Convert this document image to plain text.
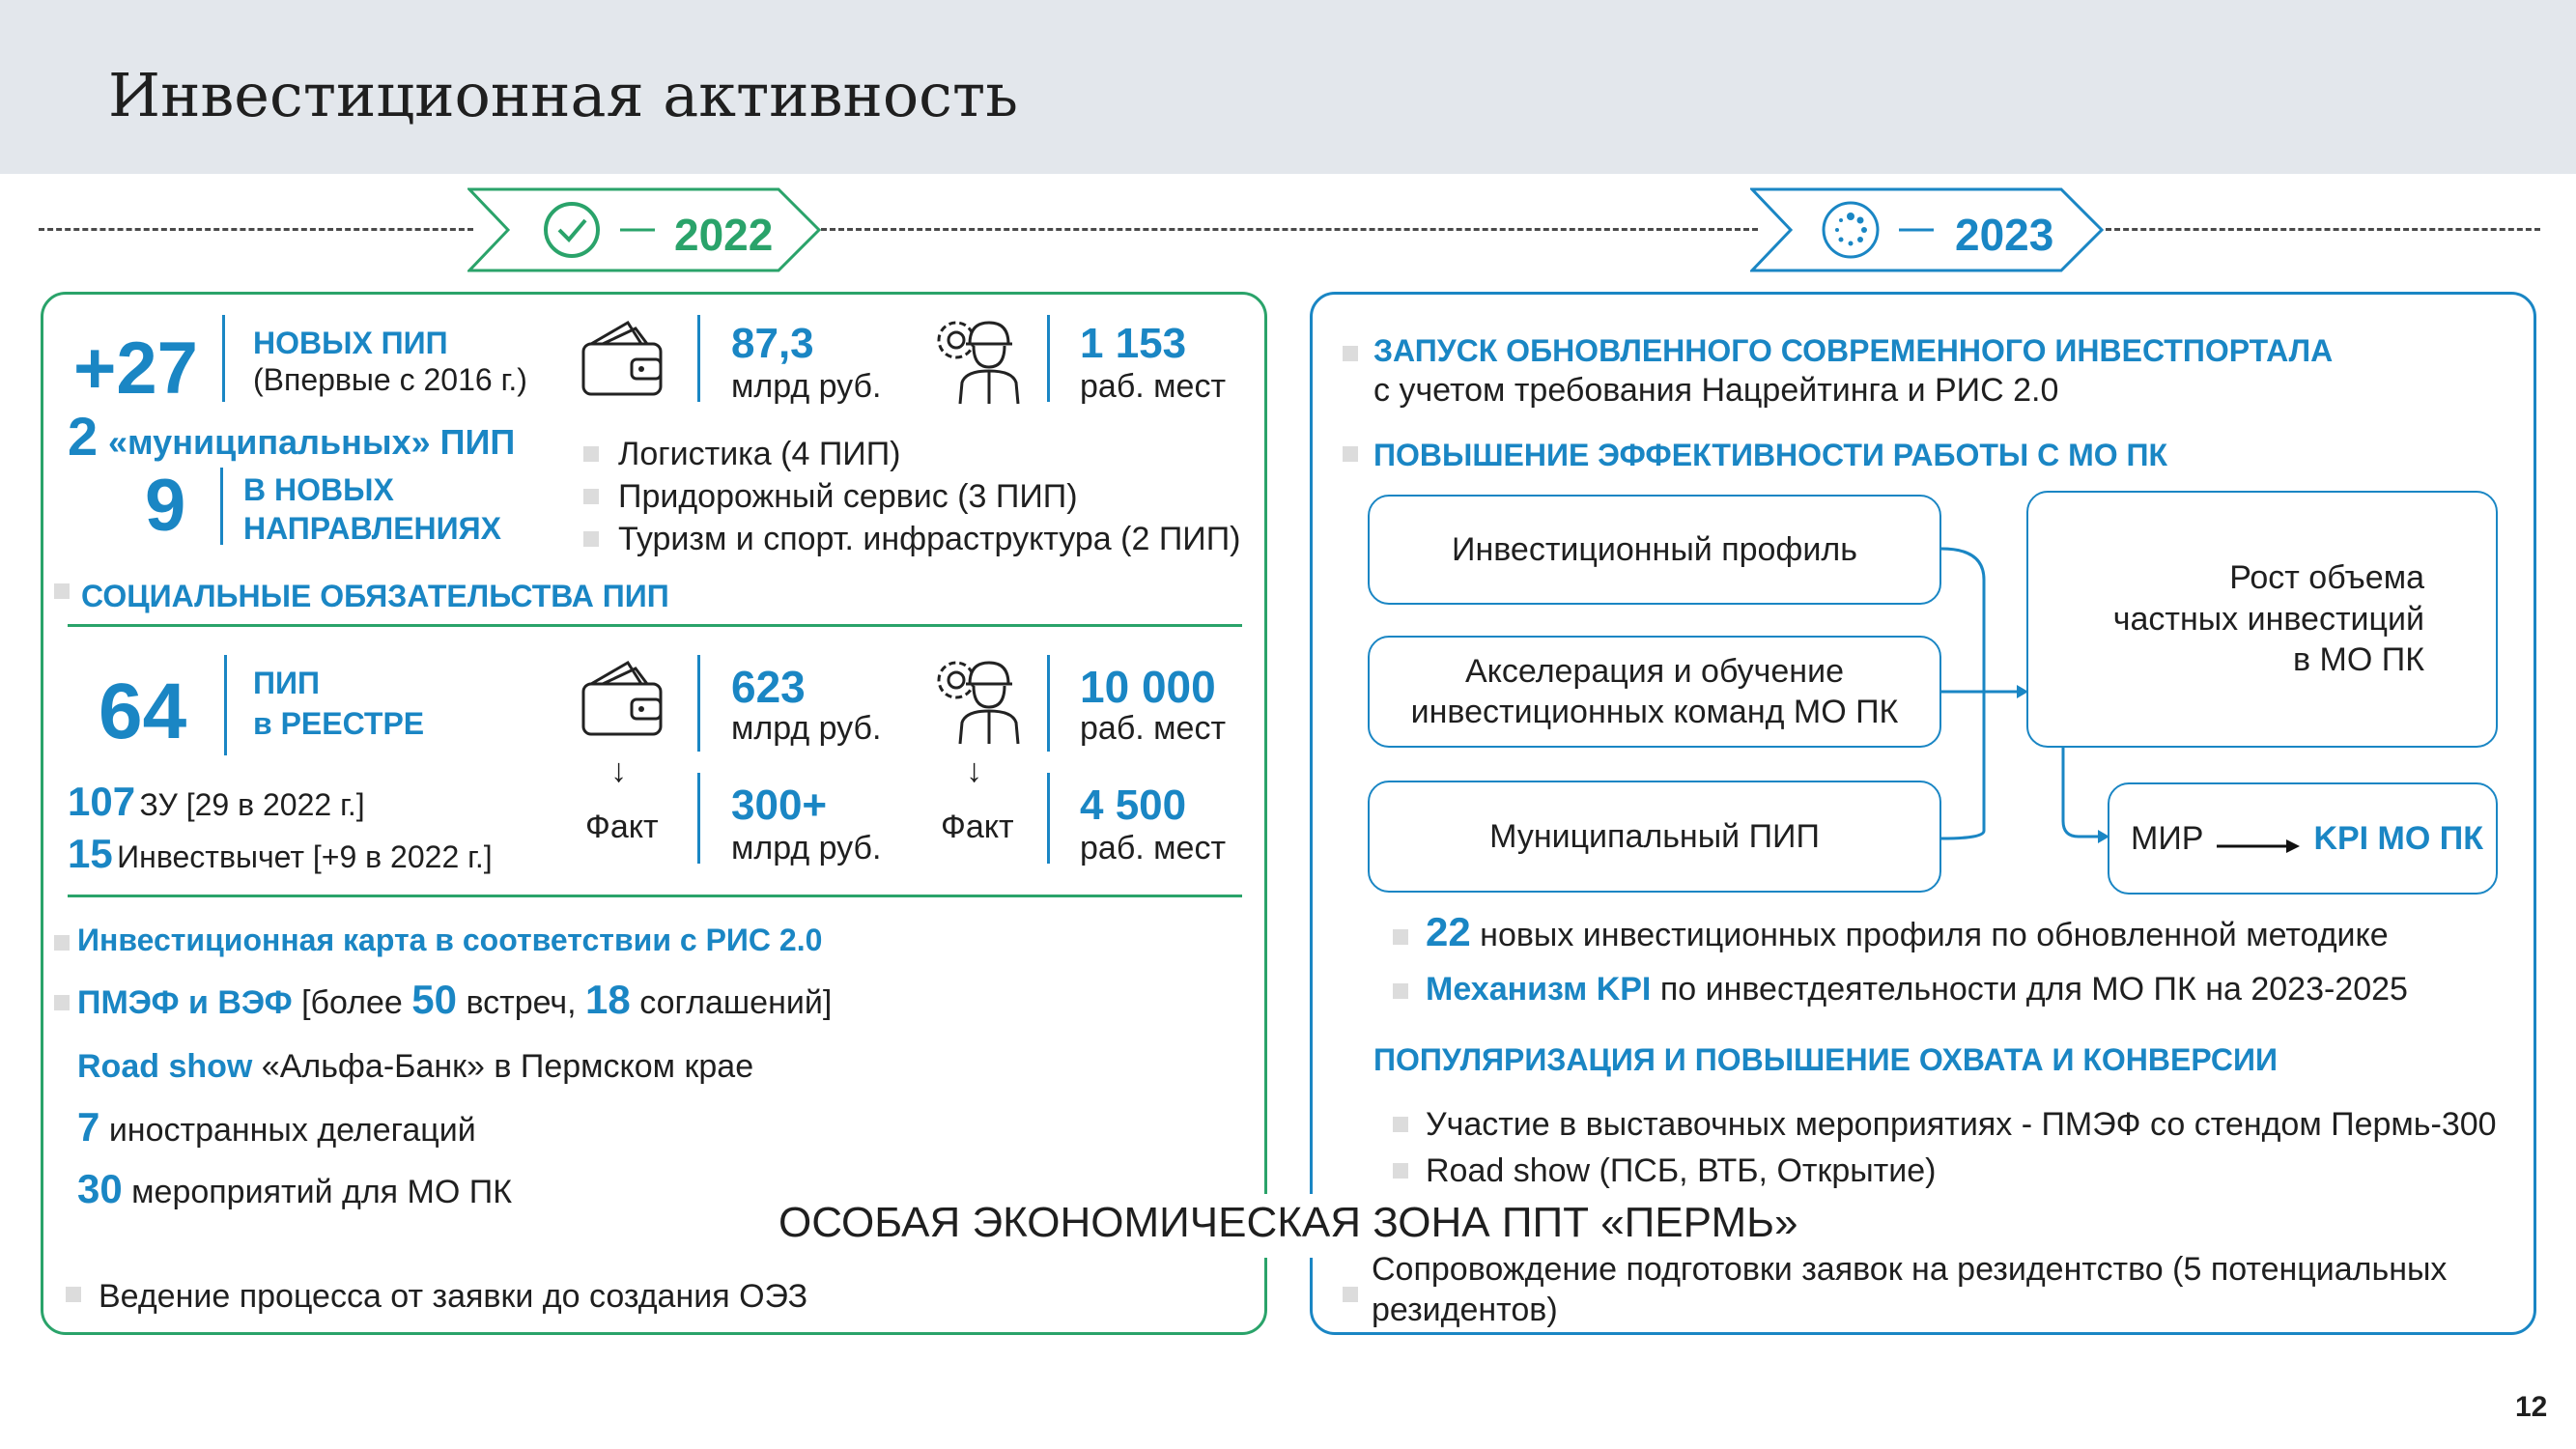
Инвестиционная активность
2022	2023
+27 НОВЫХ ПИП
(Впервые с 2016 г.)
87,3
млрд руб.
1 153
раб. мест
2 «муниципальных» ПИП
9 В НОВЫХ
НАПРАВЛЕНИЯХ
Логистика (4 ПИП)
Придорожный сервис (3 ПИП)
Туризм и спорт. инфраструктура (2 ПИП)
СОЦИАЛЬНЫЕ ОБЯЗАТЕЛЬСТВА ПИП
64 ПИП
в РЕЕСТРЕ
623
млрд руб.
10 000
раб. мест
↓
Факт
↓
Факт
300+
млрд руб.
4 500
раб. мест
107 ЗУ [29 в 2022 г.]
15 Инвествычет [+9 в 2022 г.]
Инвестиционная карта в соответствии с РИС 2.0
ПМЭФ и ВЭФ [более 50 встреч, 18 соглашений]
Road show «Альфа-Банк» в Пермском крае
7 иностранных делегаций
30 мероприятий для МО ПК
Ведение процесса от заявки до создания ОЭЗ
ЗАПУСК ОБНОВЛЕННОГО СОВРЕМЕННОГО ИНВЕСТПОРТАЛА
с учетом требования Нацрейтинга и РИС 2.0
ПОВЫШЕНИЕ ЭФФЕКТИВНОСТИ РАБОТЫ С МО ПК
Инвестиционный профиль
Акселерация и обучение
инвестиционных команд МО ПК
Муниципальный ПИП
Рост объема
частных инвестиций
в МО ПК
МИР	KPI МО ПК
22 новых инвестиционных профиля по обновленной методике
Механизм KPI по инвестдеятельности для МО ПК на 2023-2025
ПОПУЛЯРИЗАЦИЯ И ПОВЫШЕНИЕ ОХВАТА И КОНВЕРСИИ
Участие в выставочных мероприятиях - ПМЭФ со стендом Пермь-300
Road show (ПСБ, ВТБ, Открытие)
ОСОБАЯ ЭКОНОМИЧЕСКАЯ ЗОНА ППТ «ПЕРМЬ»
Сопровождение подготовки заявок на резидентство (5 потенциальных
резидентов)
12
